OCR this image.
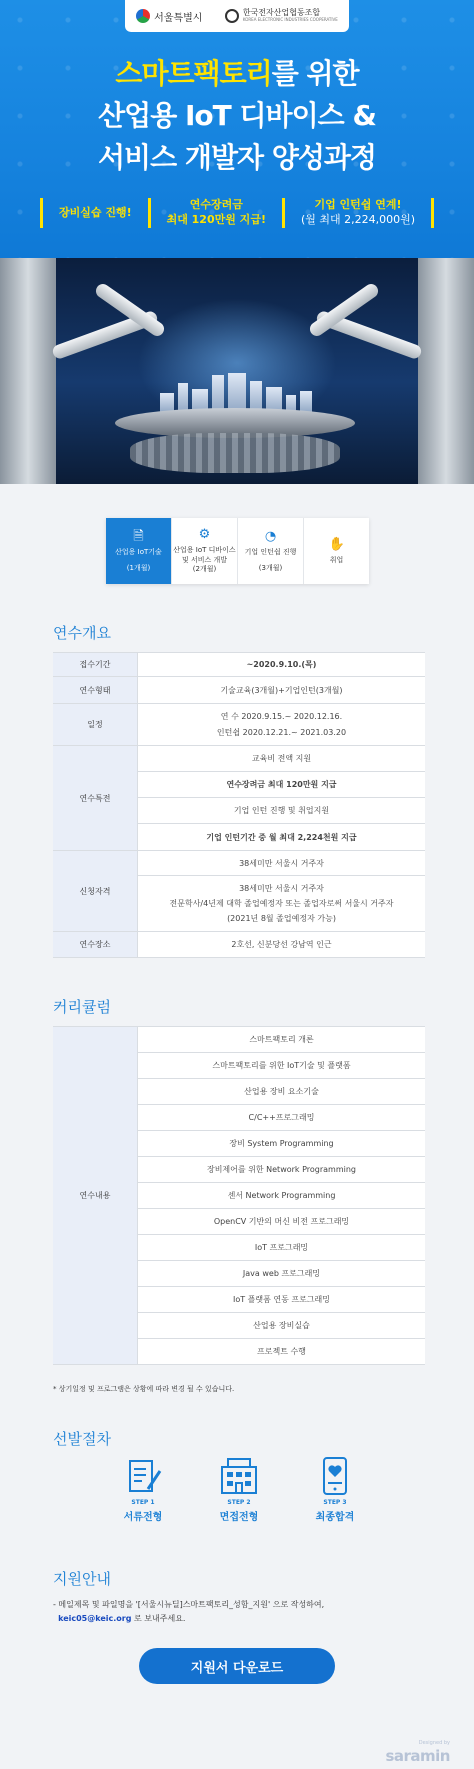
서울특별시	한국전자산업협동조합
KOREA ELECTRONIC INDUSTRIES COOPERATIVE
스마트팩토리를 위한
산업용 IoT 디바이스 &
서비스 개발자 양성과정
장비실습 진행!
연수장려금
최대 120만원 지급!
기업 인턴쉽 연계!
(월 최대 2,224,000원)
🗎
산업용 IoT기술
(1개월)
⚙
산업용 IoT 디바이스
및 서비스 개발
(2개월)
◔
기업 인턴쉽 진행
(3개월)
✋
취업
연수개요
접수기간	~2020.9.10.(목)
연수형태	기술교육(3개월)+기업인턴(3개월)
일정	연 수 2020.9.15.~ 2020.12.16.
인턴쉽 2020.12.21.~ 2021.03.20

연수특전	교육비 전액 지원
	연수장려금 최대 120만원 지급
	기업 인턴 진행 및 취업지원
	기업 인턴기간 중 월 최대 2,224천원 지급
신청자격	38세미만 서울시 거주자

	38세미만 서울시 거주자
전문학사/4년제 대학 졸업예정자 또는 졸업자로써 서울시 거주자
(2021년 8월 졸업예정자 가능)

연수장소	2호선, 신분당선 강남역 인근
커리큘럼
연수내용	스마트팩토리 개론
스마트팩토리를 위한 IoT기술 및 플랫폼
산업용 장비 요소기술
C/C++프로그래밍
장비 System Programming
장비제어를 위한 Network Programming
센서 Network Programming
OpenCV 기반의 머신 비전 프로그래밍
IoT 프로그래밍
Java web 프로그래밍
IoT 플랫폼 연동 프로그래밍
산업용 장비실습
프로젝트 수행
* 상기일정 및 프로그램은 상황에 따라 변경 될 수 있습니다.
선발절차
STEP 1
서류전형
STEP 2
면접전형
STEP 3
최종합격
지원안내
- 메일제목 및 파일명을 '[서울시뉴딜]스마트팩토리_성함_지원' 으로 작성하여,
keic05@keic.org 로 보내주세요.
지원서 다운로드
Designed by
saramin
